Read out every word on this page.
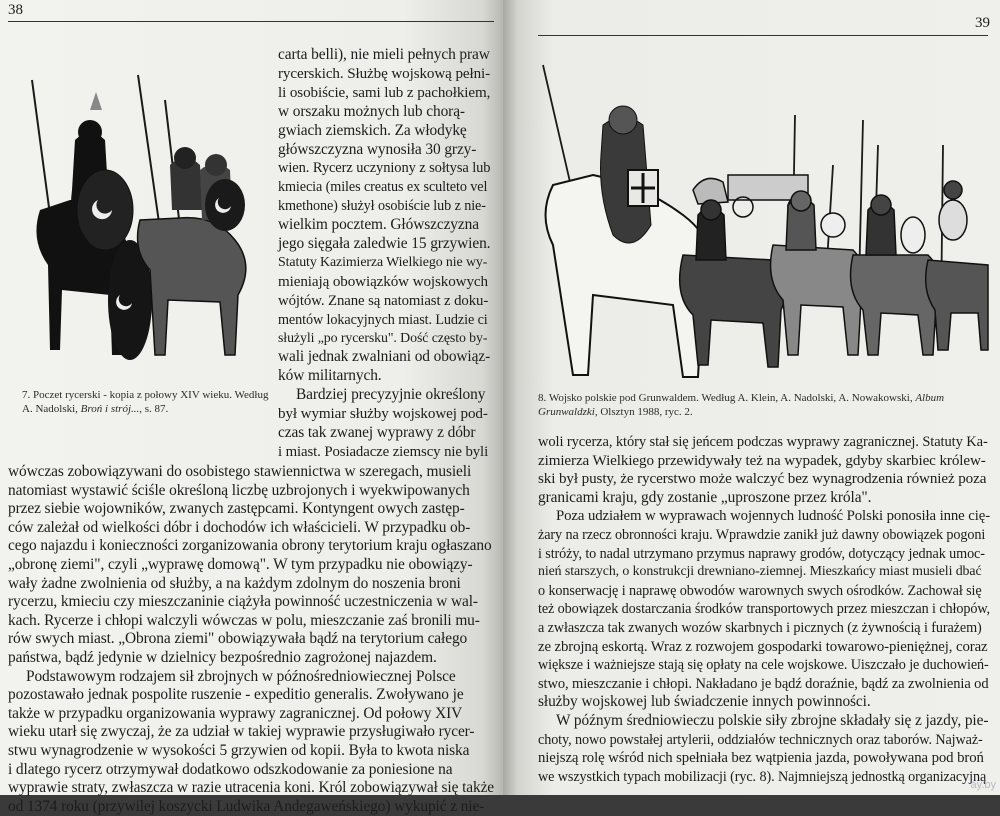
38
7. Poczet rycerski - kopia z połowy XIV wieku. Według A. Nadolski, Broń i strój..., s. 87.
carta belli), nie mieli pełnych praw
rycerskich. Służbę wojskową pełni-
li osobiście, sami lub z pachołkiem,
w orszaku możnych lub chorą-
gwiach ziemskich. Za włodykę
główszczyzna wynosiła 30 grzy-
wien. Rycerz uczyniony z sołtysa lub
kmiecia (miles creatus ex sculteto vel
kmethone) służył osobiście lub z nie-
wielkim pocztem. Główszczyzna
jego sięgała zaledwie 15 grzywien.
Statuty Kazimierza Wielkiego nie wy-
mieniają obowiązków wojskowych
wójtów. Znane są natomiast z doku-
mentów lokacyjnych miast. Ludzie ci
służyli „po rycersku". Dość często by-
wali jednak zwalniani od obowiąz-
ków militarnych.
Bardziej precyzyjnie określony
był wymiar służby wojskowej pod-
czas tak zwanej wyprawy z dóbr
i miast. Posiadacze ziemscy nie byli
wówczas zobowiązywani do osobistego stawiennictwa w szeregach, musieli
natomiast wystawić ściśle określoną liczbę uzbrojonych i wyekwipowanych
przez siebie wojowników, zwanych zastępcami. Kontyngent owych zastęp-
ców zależał od wielkości dóbr i dochodów ich właścicieli. W przypadku ob-
cego najazdu i konieczności zorganizowania obrony terytorium kraju ogłaszano
„obronę ziemi", czyli „wyprawę domową". W tym przypadku nie obowiązy-
wały żadne zwolnienia od służby, a na każdym zdolnym do noszenia broni
rycerzu, kmieciu czy mieszczaninie ciążyła powinność uczestniczenia w wal-
kach. Rycerze i chłopi walczyli wówczas w polu, mieszczanie zaś bronili mu-
rów swych miast. „Obrona ziemi" obowiązywała bądź na terytorium całego
państwa, bądź jedynie w dzielnicy bezpośrednio zagrożonej najazdem.
Podstawowym rodzajem sił zbrojnych w późnośredniowiecznej Polsce
pozostawało jednak pospolite ruszenie - expeditio generalis. Zwoływano je
także w przypadku organizowania wyprawy zagranicznej. Od połowy XIV
wieku utarł się zwyczaj, że za udział w takiej wyprawie przysługiwało rycer-
stwu wynagrodzenie w wysokości 5 grzywien od kopii. Była to kwota niska
i dlatego rycerz otrzymywał dodatkowo odszkodowanie za poniesione na
wyprawie straty, zwłaszcza w razie utracenia koni. Król zobowiązywał się także
od 1374 roku (przywilej koszycki Ludwika Andegaweńskiego) wykupić z nie-
39
8. Wojsko polskie pod Grunwaldem. Według A. Klein, A. Nadolski, A. Nowakowski, Album Grunwaldzki, Olsztyn 1988, ryc. 2.
woli rycerza, który stał się jeńcem podczas wyprawy zagranicznej. Statuty Ka-
zimierza Wielkiego przewidywały też na wypadek, gdyby skarbiec królew-
ski był pusty, że rycerstwo może walczyć bez wynagrodzenia również poza
granicami kraju, gdy zostanie „uproszone przez króla".
Poza udziałem w wyprawach wojennych ludność Polski ponosiła inne cię-
żary na rzecz obronności kraju. Wprawdzie zanikł już dawny obowiązek pogoni
i stróży, to nadal utrzymano przymus naprawy grodów, dotyczący jednak umoc-
nień starszych, o konstrukcji drewniano-ziemnej. Mieszkańcy miast musieli dbać
o konserwację i naprawę obwodów warownych swych ośrodków. Zachował się
też obowiązek dostarczania środków transportowych przez mieszczan i chłopów,
a zwłaszcza tak zwanych wozów skarbnych i picznych (z żywnością i furażem)
ze zbrojną eskortą. Wraz z rozwojem gospodarki towarowo-pieniężnej, coraz
większe i ważniejsze stają się opłaty na cele wojskowe. Uiszczało je duchowień-
stwo, mieszczanie i chłopi. Nakładano je bądź doraźnie, bądź za zwolnienia od
służby wojskowej lub świadczenie innych powinności.
W późnym średniowieczu polskie siły zbrojne składały się z jazdy, pie-
choty, nowo powstałej artylerii, oddziałów technicznych oraz taborów. Najważ-
niejszą rolę wśród nich spełniała bez wątpienia jazda, powoływana pod broń
we wszystkich typach mobilizacji (ryc. 8). Najmniejszą jednostką organizacyjną
ay.by
